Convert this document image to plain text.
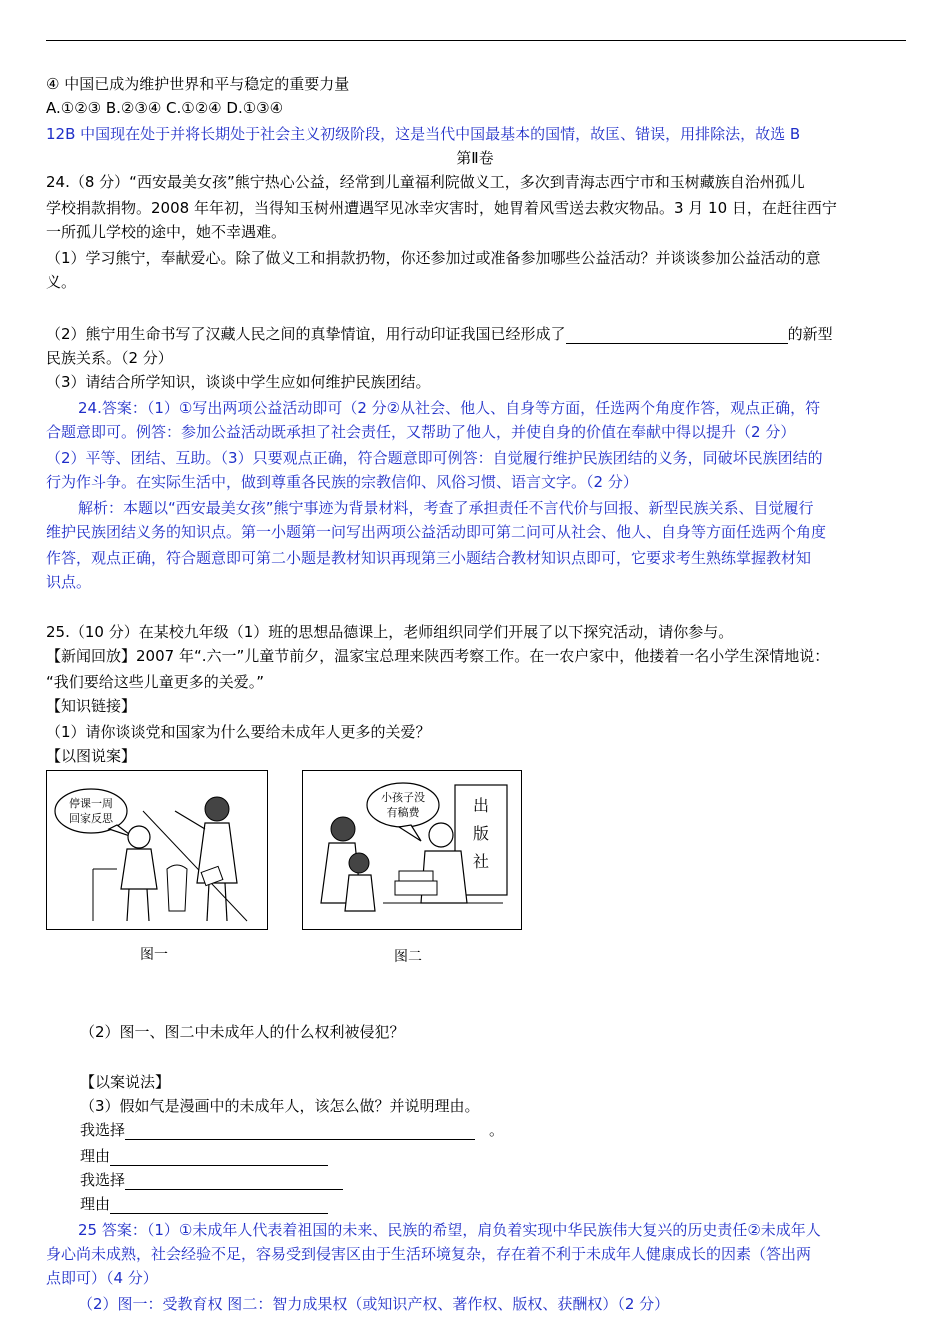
④ 中国已成为维护世界和平与稳定的重要力量
A.①②③ B.②③④ C.①②④ D.①③④
12B 中国现在处于并将长期处于社会主义初级阶段，这是当代中国最基本的国情，故匡、错误，用排除法，故选 B
第Ⅱ卷
24.（8 分）“西安最美女孩”熊宁热心公益，经常到儿童福利院做义工，多次到青海志西宁市和玉树藏族自治州孤儿
学校捐款捐物。2008 年年初，当得知玉树州遭遇罕见冰幸灾害时，她胃着风雪送去救灾物品。3 月 10 日，在赶往西宁
一所孤儿学校的途中，她不幸遇难。
（1）学习熊宁，奉献爱心。除了做义工和捐款扔物，你还参加过或准备参加哪些公益活动？并谈谈参加公益活动的意
义。
（2）熊宁用生命书写了汉藏人民之间的真挚情谊，用行动印证我国已经形成了	的新型
民族关系。（2 分）
（3）请结合所学知识，谈谈中学生应如何维护民族团结。
24.答案：（1）①写出两项公益活动即可（2 分②从社会、他人、自身等方面，任选两个角度作答，观点正确，符
合题意即可。例答：参加公益活动既承担了社会责任，又帮助了他人，并使自身的价值在奉献中得以提升（2 分）
（2）平等、团结、互助。（3）只要观点正确，符合题意即可例答：自觉履行维护民族团结的义务，同破坏民族团结的
行为作斗争。在实际生活中，做到尊重各民族的宗教信仰、风俗习惯、语言文字。（2 分）
解析：本题以“西安最美女孩”熊宁事迹为背景材料，考查了承担责任不言代价与回报、新型民族关系、目觉履行
维护民族团结义务的知识点。第一小题第一问写出两项公益活动即可第二问可从社会、他人、自身等方面任选两个角度
作答，观点正确，符合题意即可第二小题是教材知识再现第三小题结合教材知识点即可，它要求考生熟练掌握教材知
识点。
25.（10 分）在某校九年级（1）班的思想品德课上，老师组织同学们开展了以下探究活动，请你参与。
【新闻回放】2007 年“.六一”儿童节前夕，温家宝总理来陕西考察工作。在一农户家中，他搂着一名小学生深情地说：
“我们要给这些儿童更多的关爱。”
【知识链接】
（1）请你谈谈党和国家为什么要给未成年人更多的关爱？
【以图说案】
停课一周
回家反思
图一
小孩子没
有稿费	出
版
社
图二
（2）图一、图二中未成年人的什么权利被侵犯？
【以案说法】
（3）假如气是漫画中的未成年人，该怎么做？并说明理由。
我选择	。
理由
我选择
理由
25 答案：（1）①未成年人代表着祖国的未来、民族的希望，肩负着实现中华民族伟大复兴的历史责任②未成年人
身心尚未成熟，社会经验不足，容易受到侵害区由于生活环境复杂，存在着不利于未成年人健康成长的因素（答出两
点即可）（4 分）
（2）图一：受教育权 图二：智力成果权（或知识产权、著作权、版权、获酬权）（2 分）
